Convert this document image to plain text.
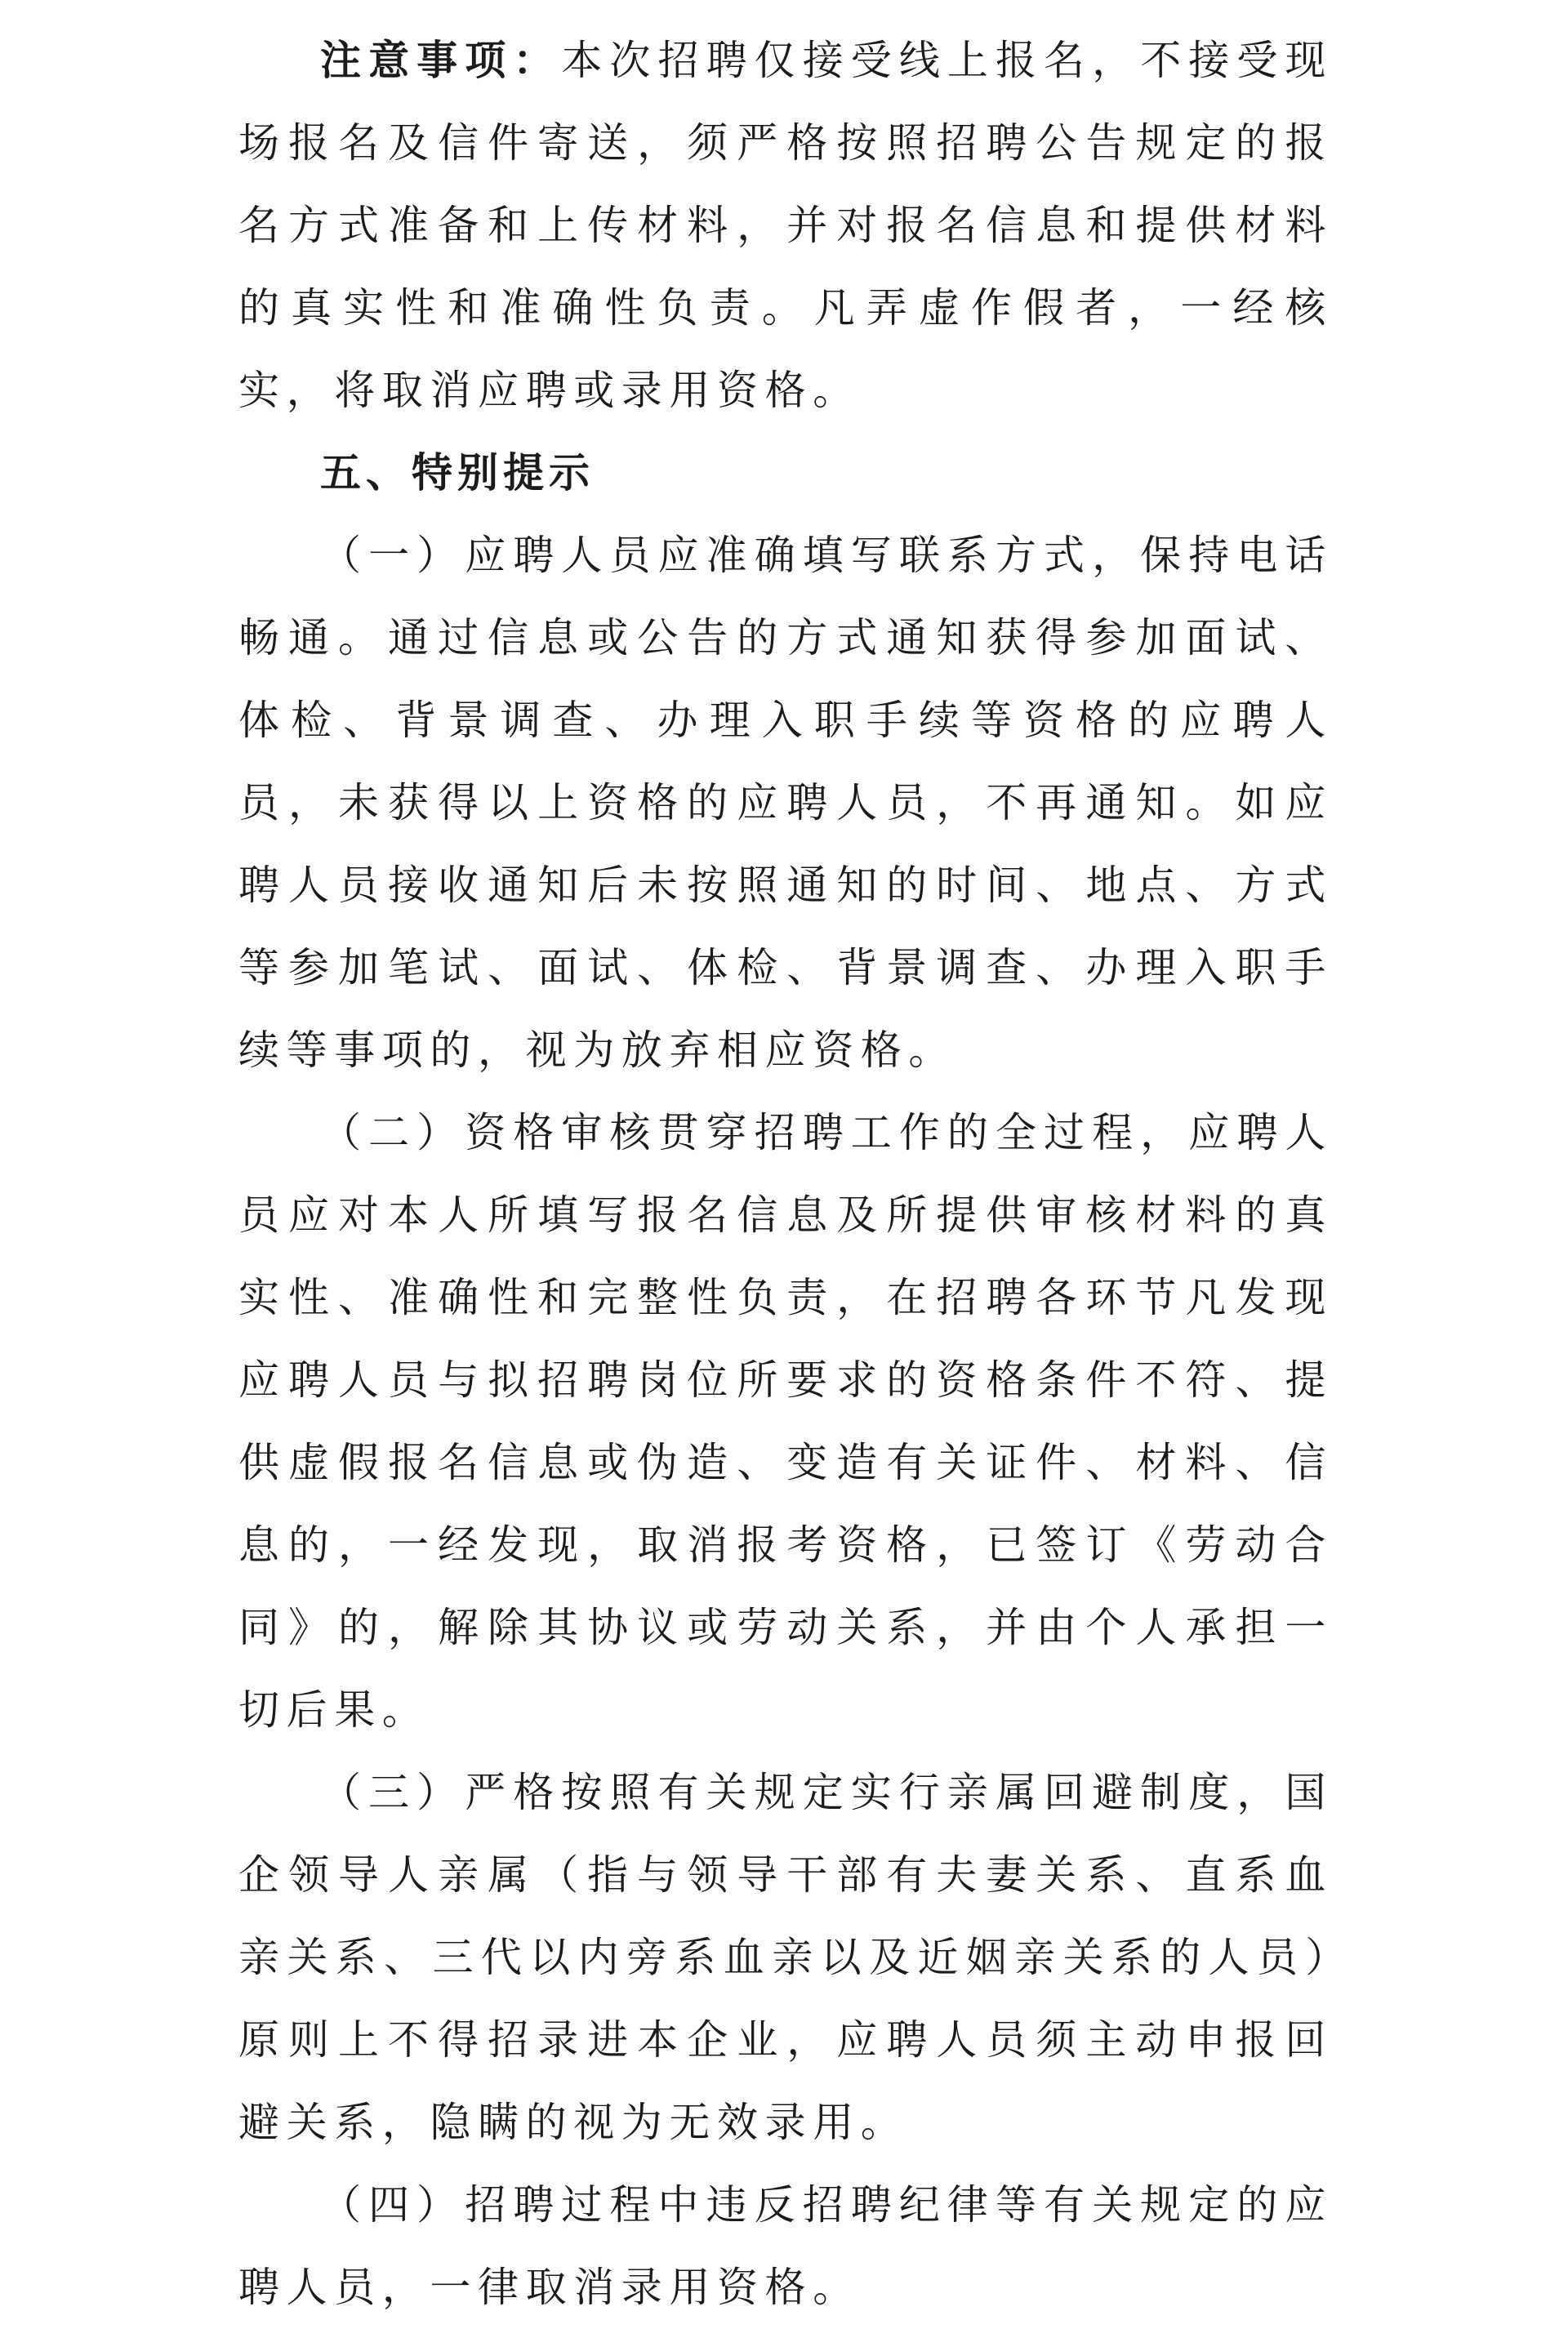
注意事项：本次招聘仅接受线上报名，不接受现场报名及信件寄送，须严格按照招聘公告规定的报名方式准备和上传材料，并对报名信息和提供材料的真实性和准确性负责。凡弄虚作假者，一经核实，将取消应聘或录用资格。

五、特别提示

（一）应聘人员应准确填写联系方式，保持电话畅通。通过信息或公告的方式通知获得参加面试、体检、背景调查、办理入职手续等资格的应聘人员，未获得以上资格的应聘人员，不再通知。如应聘人员接收通知后未按照通知的时间、地点、方式等参加笔试、面试、体检、背景调查、办理入职手续等事项的，视为放弃相应资格。

（二）资格审核贯穿招聘工作的全过程，应聘人员应对本人所填写报名信息及所提供审核材料的真实性、准确性和完整性负责，在招聘各环节凡发现应聘人员与拟招聘岗位所要求的资格条件不符、提供虚假报名信息或伪造、变造有关证件、材料、信息的，一经发现，取消报考资格，已签订《劳动合同》的，解除其协议或劳动关系，并由个人承担一切后果。

（三）严格按照有关规定实行亲属回避制度，国企领导人亲属（指与领导干部有夫妻关系、直系血亲关系、三代以内旁系血亲以及近姻亲关系的人员）原则上不得招录进本企业，应聘人员须主动申报回避关系，隐瞒的视为无效录用。

（四）招聘过程中违反招聘纪律等有关规定的应聘人员，一律取消录用资格。
